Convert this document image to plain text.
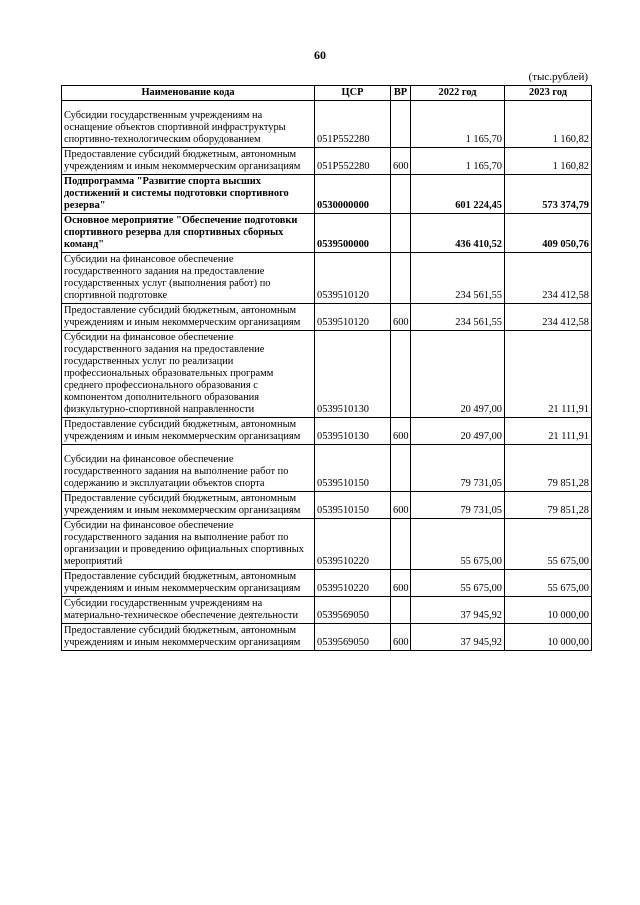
60
(тыс.рублей)
Наименование кода	ЦСР	ВР	2022 год	2023 год

Субсидии государственным учреждениям на оснащение объектов спортивной инфраструктуры спортивно-технологическим оборудованием	051P552280		1 165,70	1 160,82
Предоставление субсидий бюджетным, автономным учреждениям и иным некоммерческим организациям	051P552280	600	1 165,70	1 160,82
Подпрограмма "Развитие спорта высших достижений и системы подготовки спортивного резерва"	0530000000		601 224,45	573 374,79
Основное мероприятие "Обеспечение подготовки спортивного резерва для спортивных сборных команд"	0539500000		436 410,52	409 050,76
Субсидии на финансовое обеспечение государственного задания на предоставление государственных услуг (выполнения работ) по спортивной подготовке	0539510120		234 561,55	234 412,58
Предоставление субсидий бюджетным, автономным учреждениям и иным некоммерческим организациям	0539510120	600	234 561,55	234 412,58
Субсидии на финансовое обеспечение государственного задания на предоставление государственных услуг по реализации профессиональных образовательных программ среднего профессионального образования с компонентом дополнительного образования физкультурно-спортивной направленности	0539510130		20 497,00	21 111,91
Предоставление субсидий бюджетным, автономным учреждениям и иным некоммерческим организациям	0539510130	600	20 497,00	21 111,91

Субсидии на финансовое обеспечение государственного задания на выполнение работ по содержанию и эксплуатации объектов спорта	0539510150		79 731,05	79 851,28
Предоставление субсидий бюджетным, автономным учреждениям и иным некоммерческим организациям	0539510150	600	79 731,05	79 851,28
Субсидии на финансовое обеспечение государственного задания на выполнение работ по организации и проведению официальных спортивных мероприятий	0539510220		55 675,00	55 675,00
Предоставление субсидий бюджетным, автономным учреждениям и иным некоммерческим организациям	0539510220	600	55 675,00	55 675,00
Субсидии государственным учреждениям на материально-техническое обеспечение деятельности	0539569050		37 945,92	10 000,00
Предоставление субсидий бюджетным, автономным учреждениям и иным некоммерческим организациям	0539569050	600	37 945,92	10 000,00
